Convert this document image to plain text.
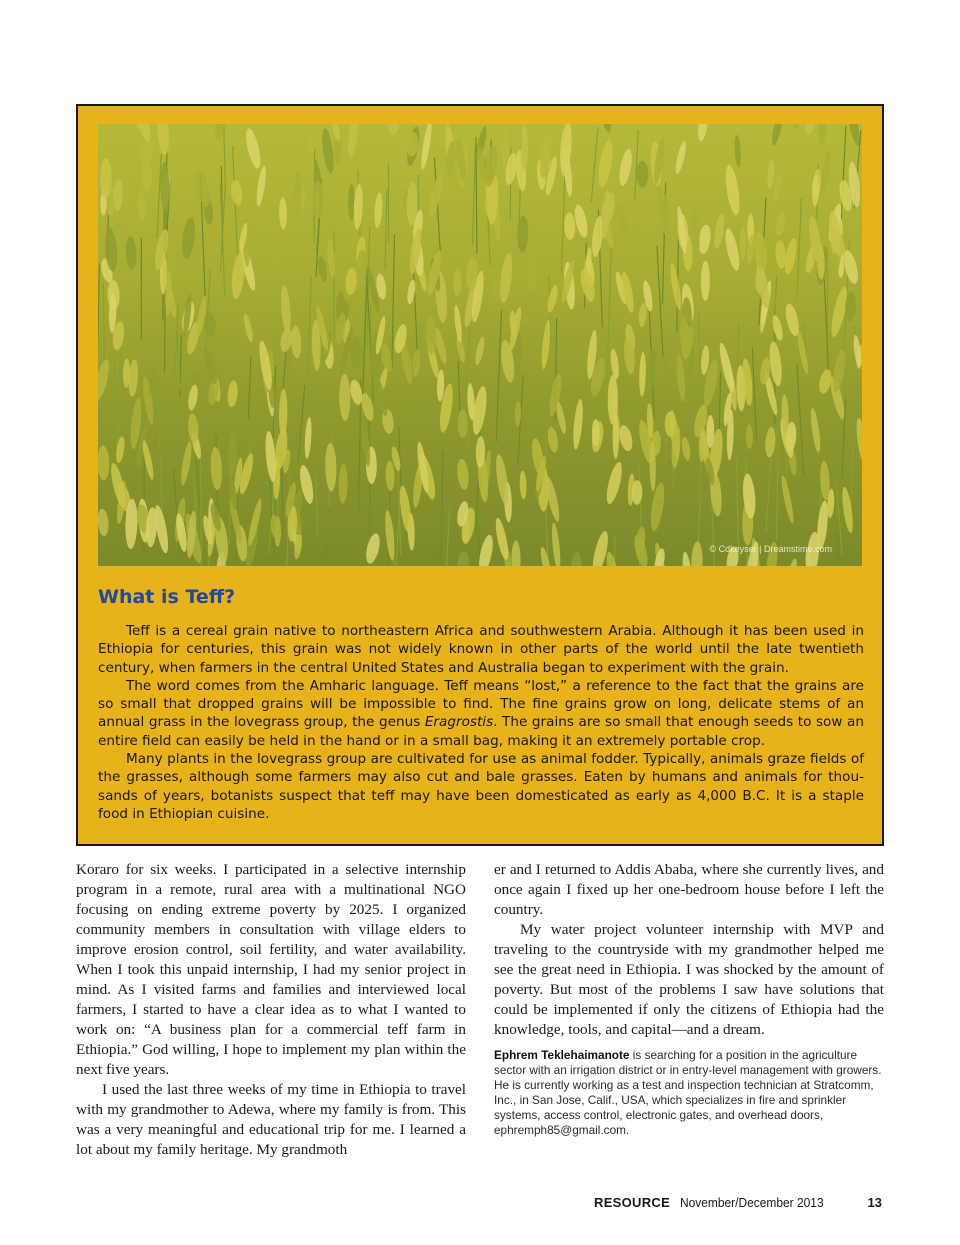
© Cdkeyser | Dreamstime.com
What is Teff?

Teff is a cereal grain native to northeastern Africa and southwestern Arabia. Although it has been used in Ethiopia for centuries, this grain was not widely known in other parts of the world until the late twentieth century, when farmers in the central United States and Australia began to experiment with the grain.

The word comes from the Amharic language. Teff means “lost,” a reference to the fact that the grains are so small that dropped grains will be impossible to find. The fine grains grow on long, delicate stems of an annual grass in the lovegrass group, the genus Eragrostis. The grains are so small that enough seeds to sow an entire field can easily be held in the hand or in a small bag, making it an extremely portable crop.

Many plants in the lovegrass group are cultivated for use as animal fodder. Typically, animals graze fields of the grasses, although some farmers may also cut and bale grasses. Eaten by humans and animals for thousands of years, botanists suspect that teff may have been domesticated as early as 4,000 B.C. It is a staple food in Ethiopian cuisine.

Koraro for six weeks. I participated in a selective internship program in a remote, rural area with a multinational NGO focusing on ending extreme poverty by 2025. I organized community members in consultation with village elders to improve erosion control, soil fertility, and water availability. When I took this unpaid internship, I had my senior project in mind. As I visited farms and families and interviewed local farmers, I started to have a clear idea as to what I wanted to work on: “A business plan for a commercial teff farm in Ethiopia.” God willing, I hope to implement my plan within the next five years.

I used the last three weeks of my time in Ethiopia to travel with my grandmother to Adewa, where my family is from. This was a very meaningful and educational trip for me. I learned a lot about my family heritage. My grandmoth

er and I returned to Addis Ababa, where she currently lives, and once again I fixed up her one-bedroom house before I left the country.

My water project volunteer internship with MVP and traveling to the countryside with my grandmother helped me see the great need in Ethiopia. I was shocked by the amount of poverty. But most of the problems I saw have solutions that could be implemented if only the citizens of Ethiopia had the knowledge, tools, and capital—and a dream.

Ephrem Teklehaimanote is searching for a position in the agriculture sector with an irrigation district or in entry-level management with growers. He is currently working as a test and inspection technician at Stratcomm, Inc., in San Jose, Calif., USA, which specializes in fire and sprinkler systems, access control, electronic gates, and overhead doors, ephremph85@gmail.com.
RESOURCE November/December 2013	13
